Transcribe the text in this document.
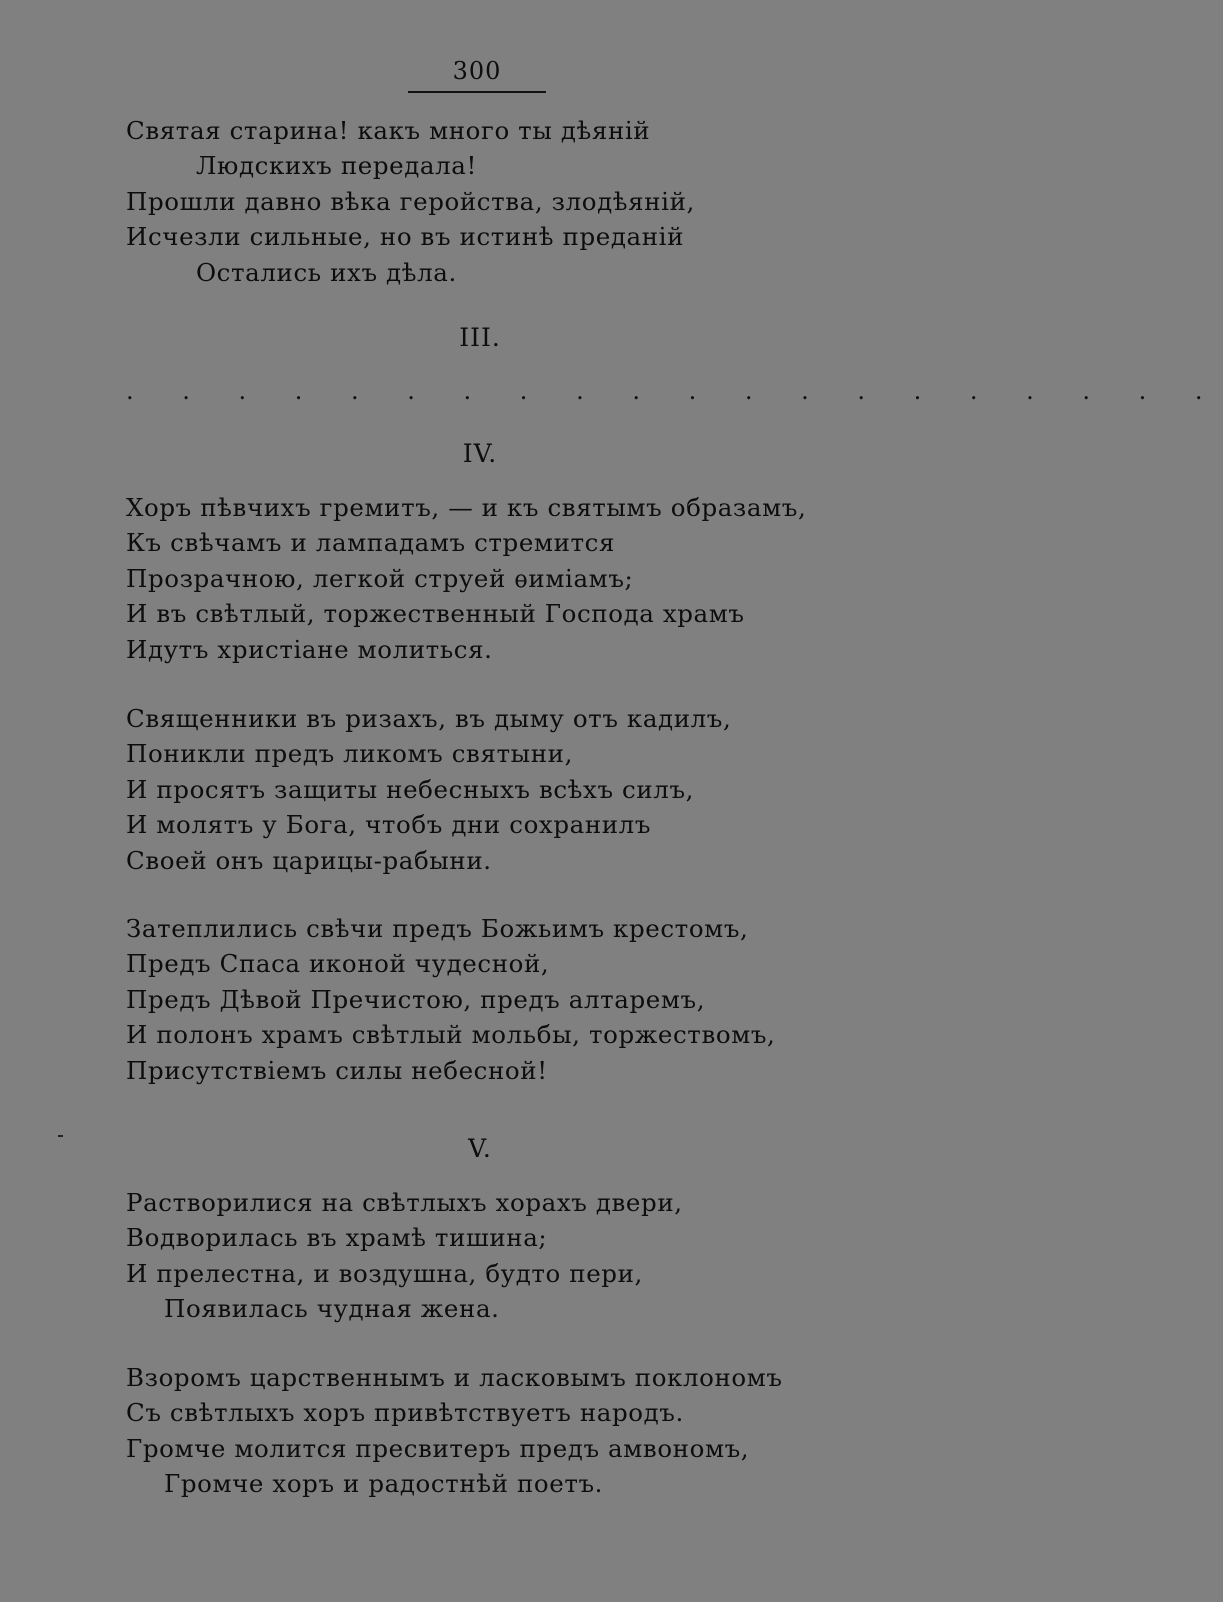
300
Святая старина! какъ много ты дѣяній
Людскихъ передала!
Прошли давно вѣка геройства, злодѣяній,
Исчезли сильные, но въ истинѣ преданій
Остались ихъ дѣла.
III.
. . . . . . . . . . . . . . . . . . . .
IV.
Хоръ пѣвчихъ гремитъ, — и къ святымъ образамъ,
Къ свѣчамъ и лампадамъ стремится
Прозрачною, легкой струей ѳиміамъ;
И въ свѣтлый, торжественный Господа храмъ
Идутъ христіане молиться.
Священники въ ризахъ, въ дыму отъ кадилъ,
Поникли предъ ликомъ святыни,
И просятъ защиты небесныхъ всѣхъ силъ,
И молятъ у Бога, чтобъ дни сохранилъ
Своей онъ царицы-рабыни.
Затеплились свѣчи предъ Божьимъ крестомъ,
Предъ Спаса иконой чудесной,
Предъ Дѣвой Пречистою, предъ алтаремъ,
И полонъ храмъ свѣтлый мольбы, торжествомъ,
Присутствіемъ силы небесной!
V.
Растворилися на свѣтлыхъ хорахъ двери,
Водворилась въ храмѣ тишина;
И прелестна, и воздушна, будто пери,
Появилась чудная жена.
Взоромъ царственнымъ и ласковымъ поклономъ
Съ свѣтлыхъ хоръ привѣтствуетъ народъ.
Громче молится пресвитеръ предъ амвономъ,
Громче хоръ и радостнѣй поетъ.
